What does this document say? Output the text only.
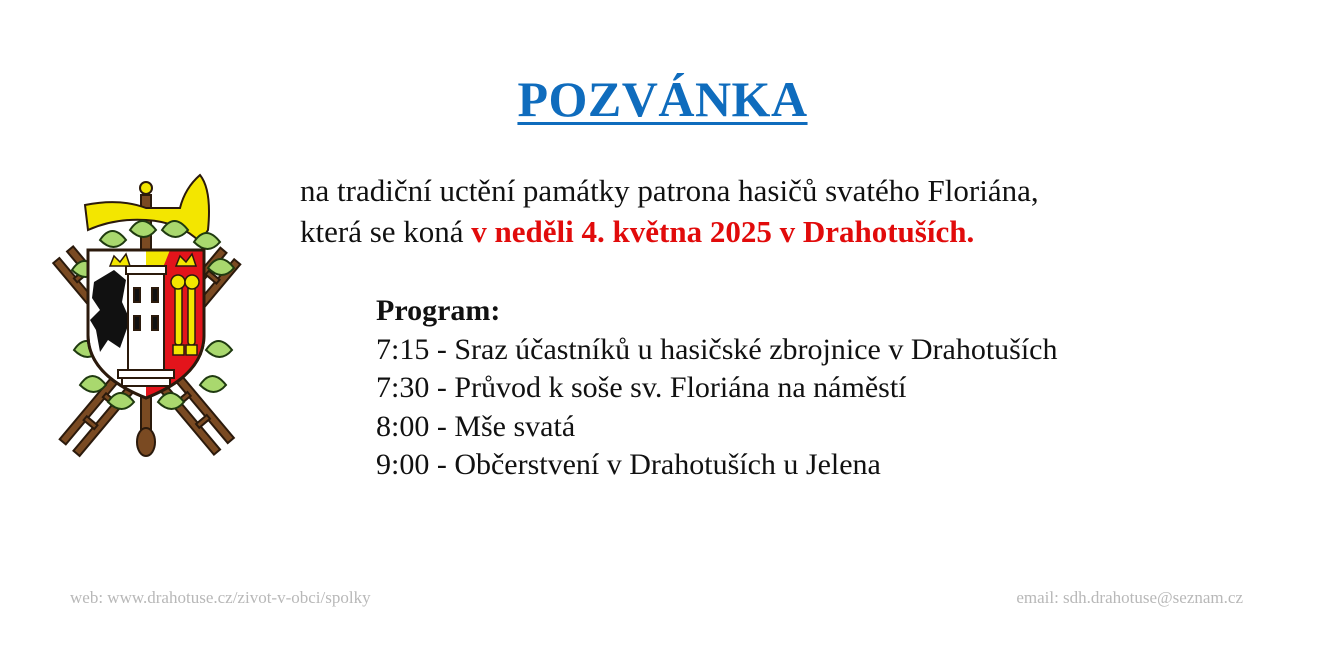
POZVÁNKA
na tradiční uctění památky patrona hasičů svatého Floriána,
která se koná v neděli 4. května 2025 v Drahotuších.
Program:
7:15 - Sraz účastníků u hasičské zbrojnice v Drahotuších
7:30 - Průvod k soše sv. Floriána na náměstí
8:00 - Mše svatá
9:00 - Občerstvení v Drahotuších u Jelena
web: www.drahotuse.cz/zivot-v-obci/spolky	email: sdh.drahotuse@seznam.cz
